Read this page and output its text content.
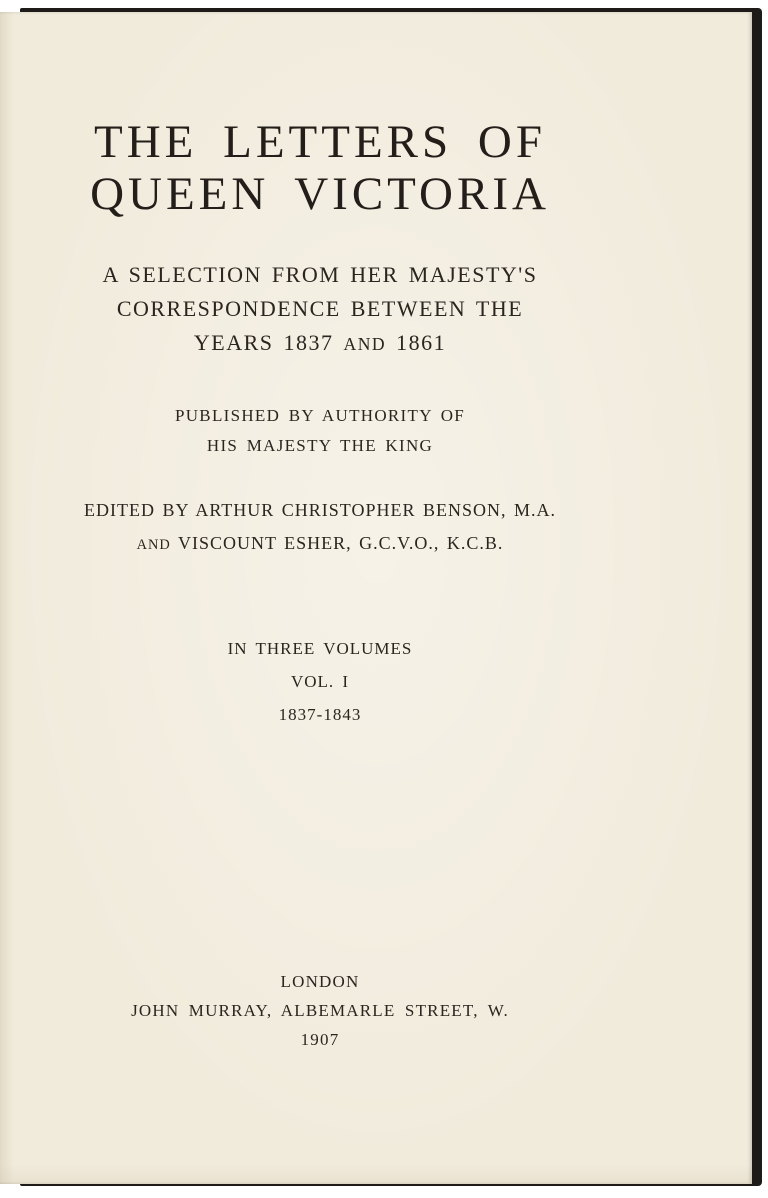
THE LETTERS OF
QUEEN VICTORIA
A SELECTION FROM HER MAJESTY'S
CORRESPONDENCE BETWEEN THE
YEARS 1837 AND 1861
PUBLISHED BY AUTHORITY OF
HIS MAJESTY THE KING
EDITED BY ARTHUR CHRISTOPHER BENSON, M.A.
AND VISCOUNT ESHER, G.C.V.O., K.C.B.
IN THREE VOLUMES
VOL. I
1837-1843
LONDON
JOHN MURRAY, ALBEMARLE STREET, W.
1907
